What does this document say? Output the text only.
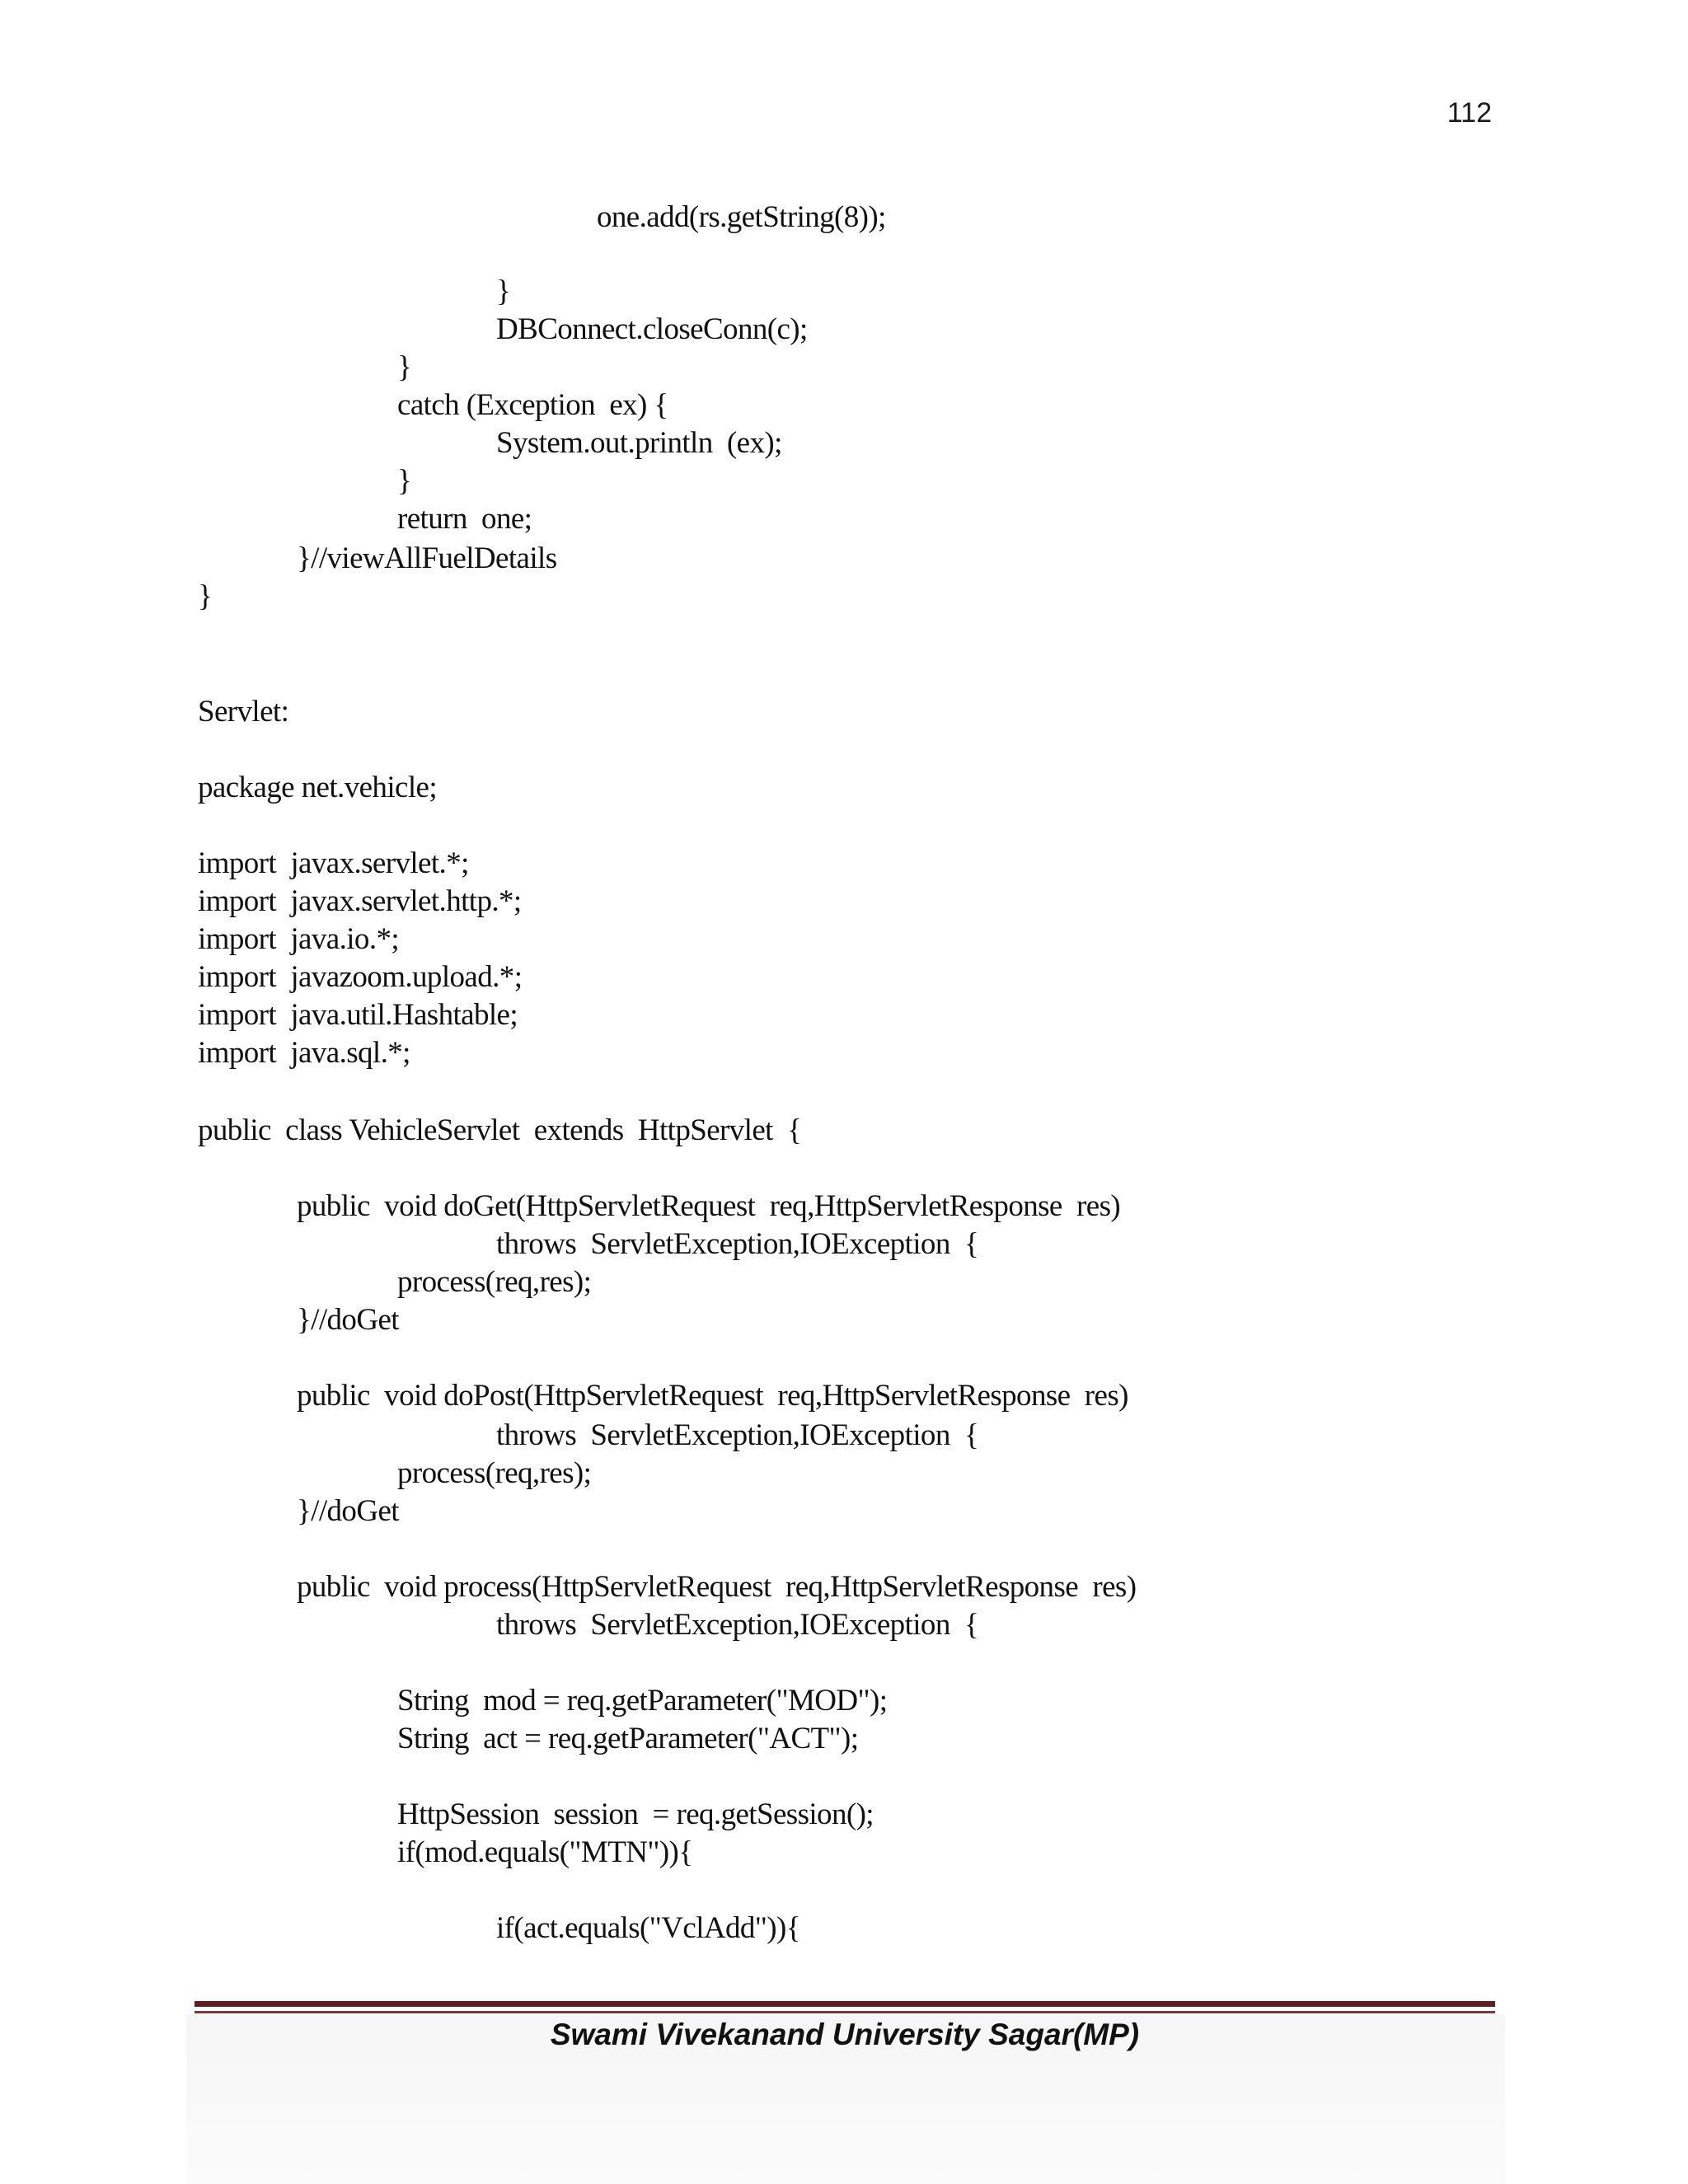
112
one.add(rs.getString(8));
}
DBConnect.closeConn(c);
}
catch (Exception  ex) {
System.out.println  (ex);
}
return  one;
}//viewAllFuelDetails
}
Servlet:
package net.vehicle;
import  javax.servlet.*;
import  javax.servlet.http.*;
import  java.io.*;
import  javazoom.upload.*;
import  java.util.Hashtable;
import  java.sql.*;
public  class VehicleServlet  extends  HttpServlet  {
public  void doGet(HttpServletRequest  req,HttpServletResponse  res)
throws  ServletException,IOException  {
process(req,res);
}//doGet
public  void doPost(HttpServletRequest  req,HttpServletResponse  res)
throws  ServletException,IOException  {
process(req,res);
}//doGet
public  void process(HttpServletRequest  req,HttpServletResponse  res)
throws  ServletException,IOException  {
String  mod = req.getParameter("MOD");
String  act = req.getParameter("ACT");
HttpSession  session  = req.getSession();
if(mod.equals("MTN")){
if(act.equals("VclAdd")){
Swami Vivekanand University Sagar(MP)
